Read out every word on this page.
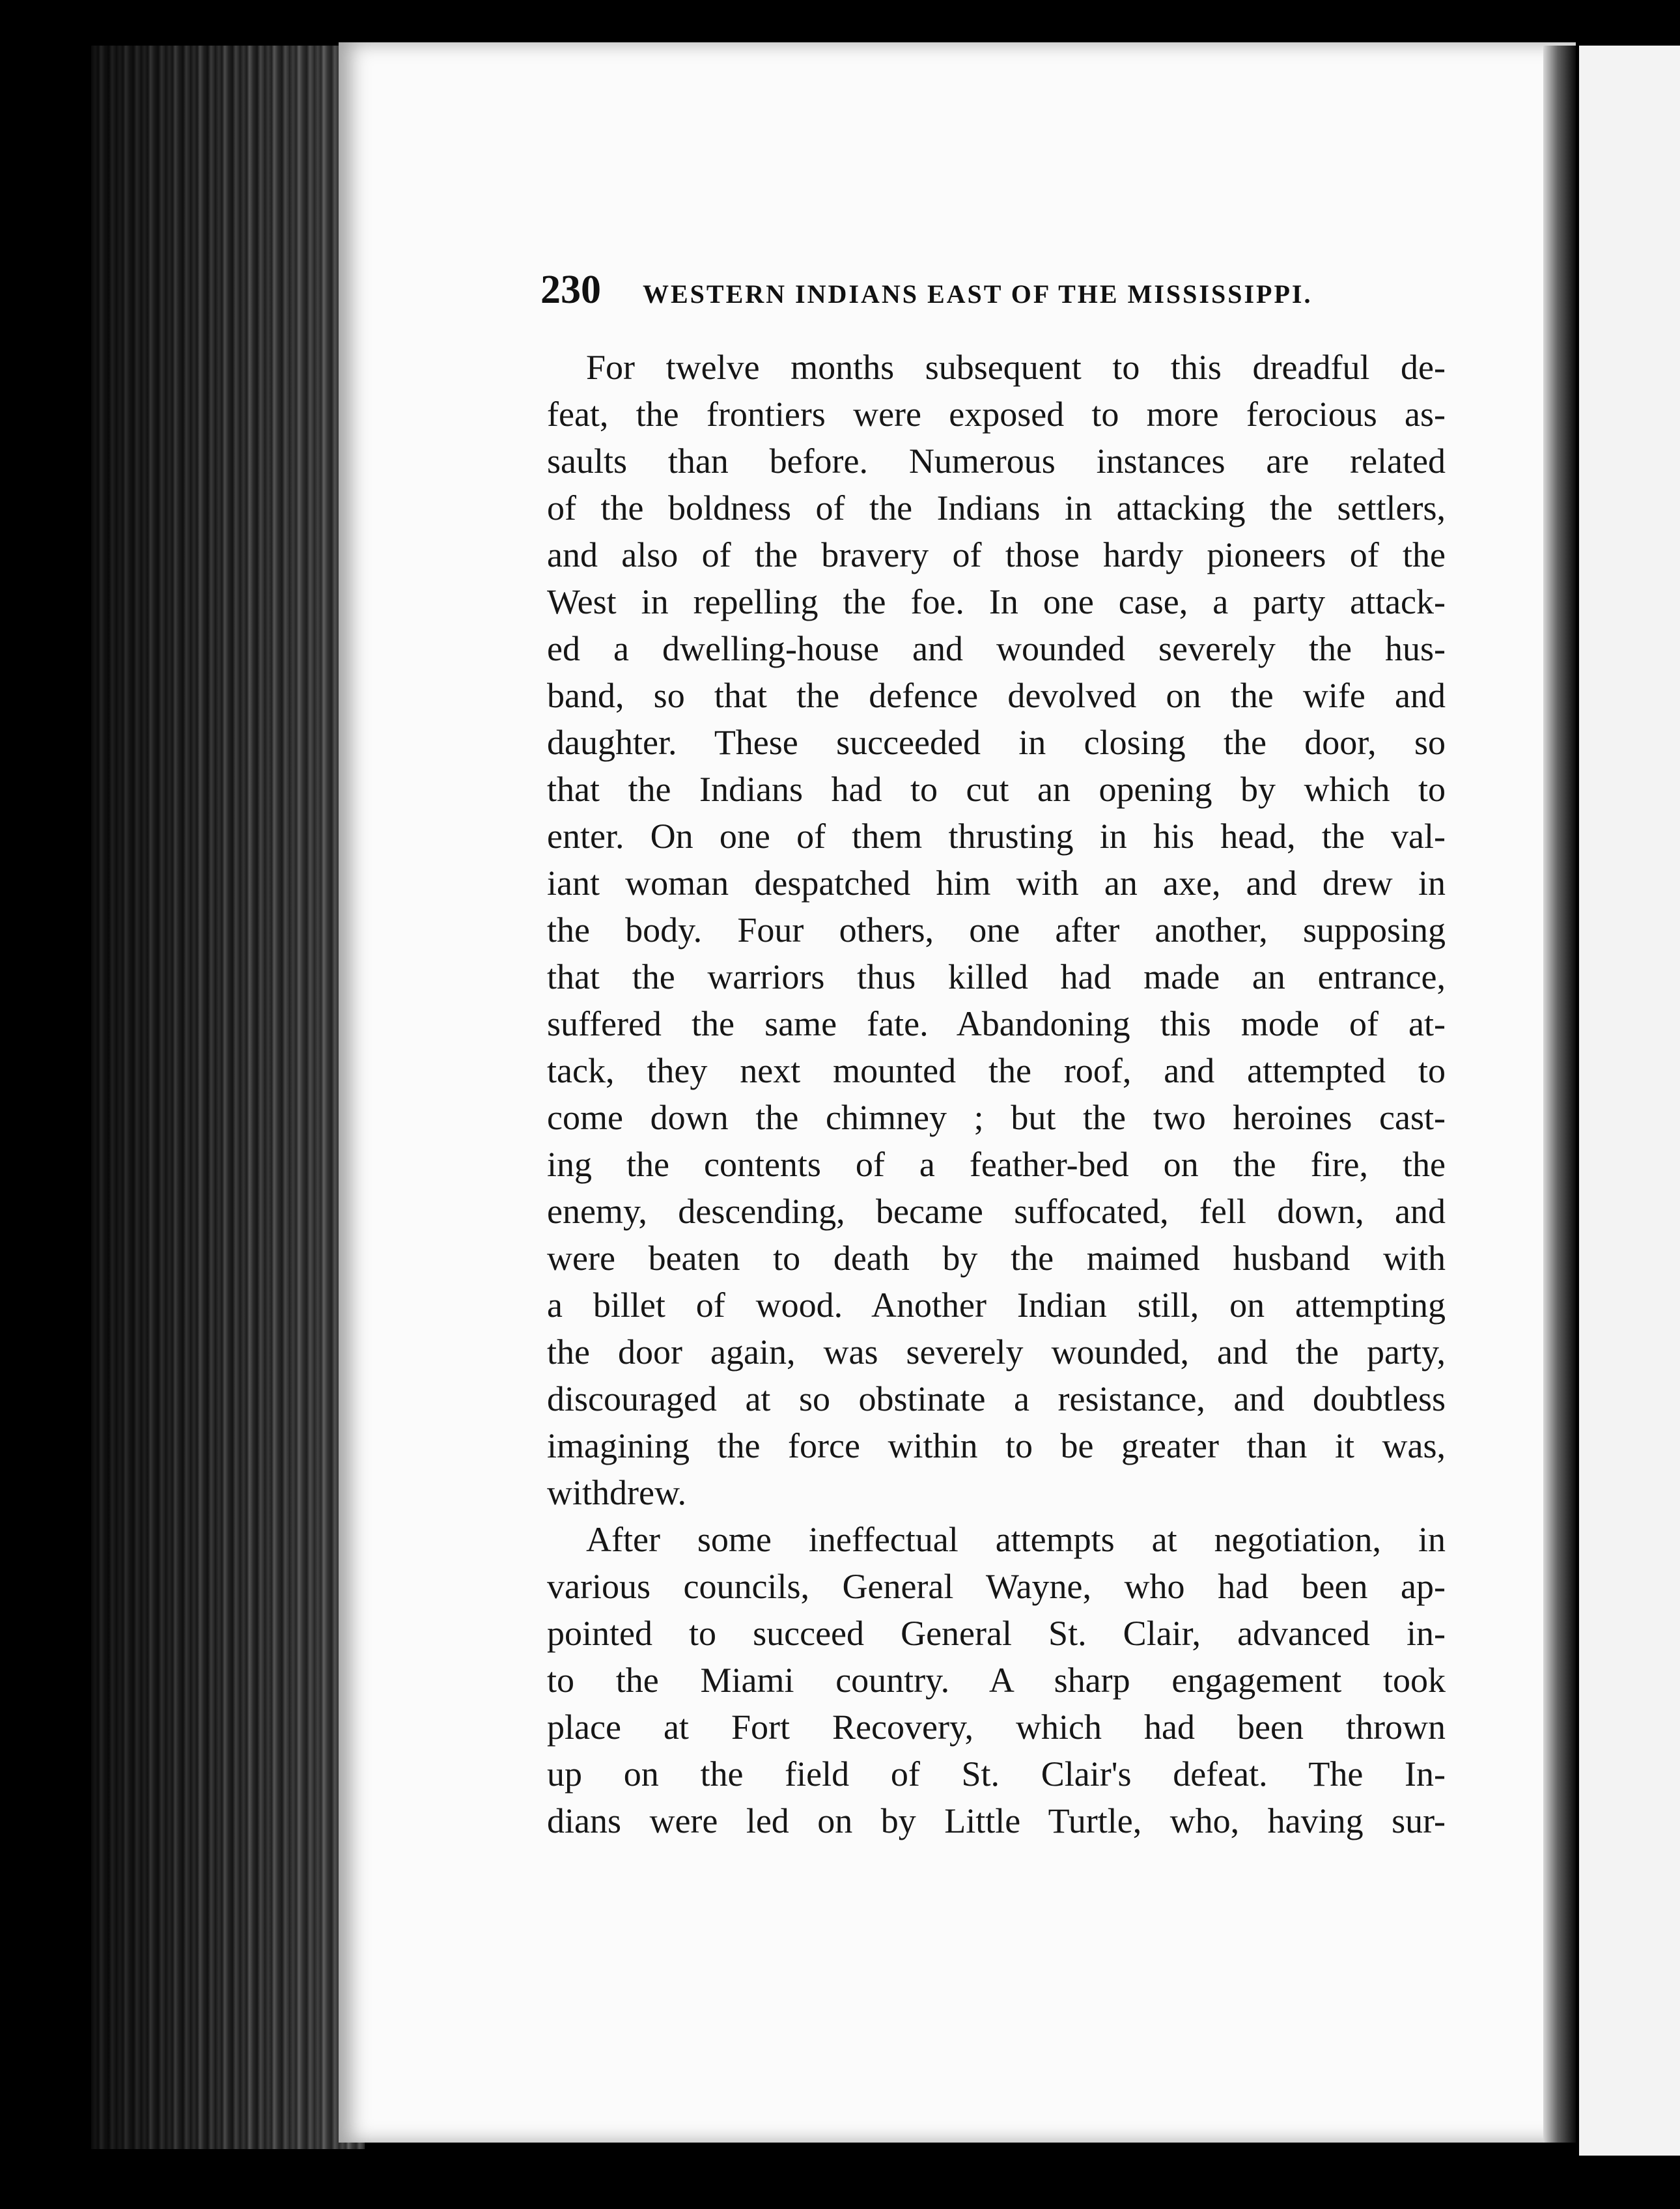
230 WESTERN INDIANS EAST OF THE MISSISSIPPI.
For twelve months subsequent to this dreadful de-
feat, the frontiers were exposed to more ferocious as-
saults than before. Numerous instances are related
of the boldness of the Indians in attacking the settlers,
and also of the bravery of those hardy pioneers of the
West in repelling the foe. In one case, a party attack-
ed a dwelling-house and wounded severely the hus-
band, so that the defence devolved on the wife and
daughter. These succeeded in closing the door, so
that the Indians had to cut an opening by which to
enter. On one of them thrusting in his head, the val-
iant woman despatched him with an axe, and drew in
the body. Four others, one after another, supposing
that the warriors thus killed had made an entrance,
suffered the same fate. Abandoning this mode of at-
tack, they next mounted the roof, and attempted to
come down the chimney ; but the two heroines cast-
ing the contents of a feather-bed on the fire, the
enemy, descending, became suffocated, fell down, and
were beaten to death by the maimed husband with
a billet of wood. Another Indian still, on attempting
the door again, was severely wounded, and the party,
discouraged at so obstinate a resistance, and doubtless
imagining the force within to be greater than it was,
withdrew.
After some ineffectual attempts at negotiation, in
various councils, General Wayne, who had been ap-
pointed to succeed General St. Clair, advanced in-
to the Miami country. A sharp engagement took
place at Fort Recovery, which had been thrown
up on the field of St. Clair's defeat. The In-
dians were led on by Little Turtle, who, having sur-
